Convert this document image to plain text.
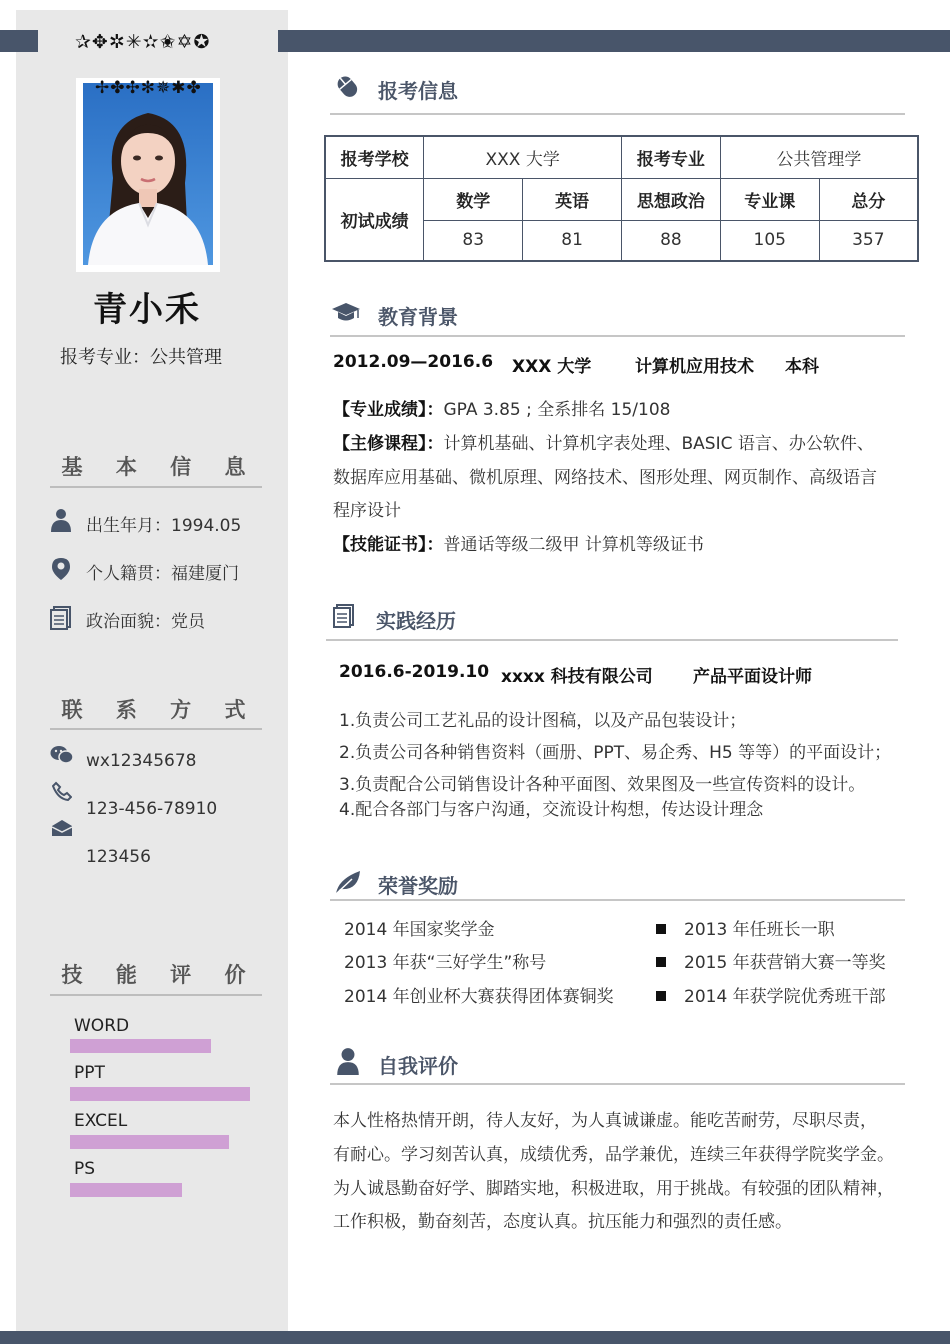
✰✥✲✳✫✬✡✪
✢✤✣✻✵✱✤
青小禾
报考专业：公共管理
基 本 信 息
出生年月：1994.05
个人籍贯：福建厦门
政治面貌：党员
联 系 方 式
wx12345678
123-456-78910
123456
技 能 评 价
WORD
PPT
EXCEL
PS
报考信息
报考学校	XXX 大学		报考专业	公共管理学	
初试成绩	数学	英语	思想政治	专业课	总分
	83	81	88	105	357
教育背景
2012.09—2016.6 XXX 大学	计算机应用技术 本科
【专业成绩】：GPA 3.85 ; 全系排名 15/108
【主修课程】：计算机基础、计算机字表处理、BASIC 语言、办公软件、
数据库应用基础、微机原理、网络技术、图形处理、网页制作、高级语言
程序设计
【技能证书】：普通话等级二级甲 计算机等级证书
实践经历
2016.6-2019.10 xxxx 科技有限公司 产品平面设计师
1.负责公司工艺礼品的设计图稿，以及产品包装设计；
2.负责公司各种销售资料（画册、PPT、易企秀、H5 等等）的平面设计；
3.负责配合公司销售设计各种平面图、效果图及一些宣传资料的设计。
4.配合各部门与客户沟通，交流设计构想，传达设计理念
荣誉奖励
2014 年国家奖学金
2013 年获“三好学生”称号
2014 年创业杯大赛获得团体赛铜奖
2013 年任班长一职
2015 年获营销大赛一等奖
2014 年获学院优秀班干部
自我评价
本人性格热情开朗，待人友好，为人真诚谦虚。能吃苦耐劳，尽职尽责，
有耐心。学习刻苦认真，成绩优秀，品学兼优，连续三年获得学院奖学金。
为人诚恳勤奋好学、脚踏实地，积极进取，用于挑战。有较强的团队精神，
工作积极，勤奋刻苦，态度认真。抗压能力和强烈的责任感。
